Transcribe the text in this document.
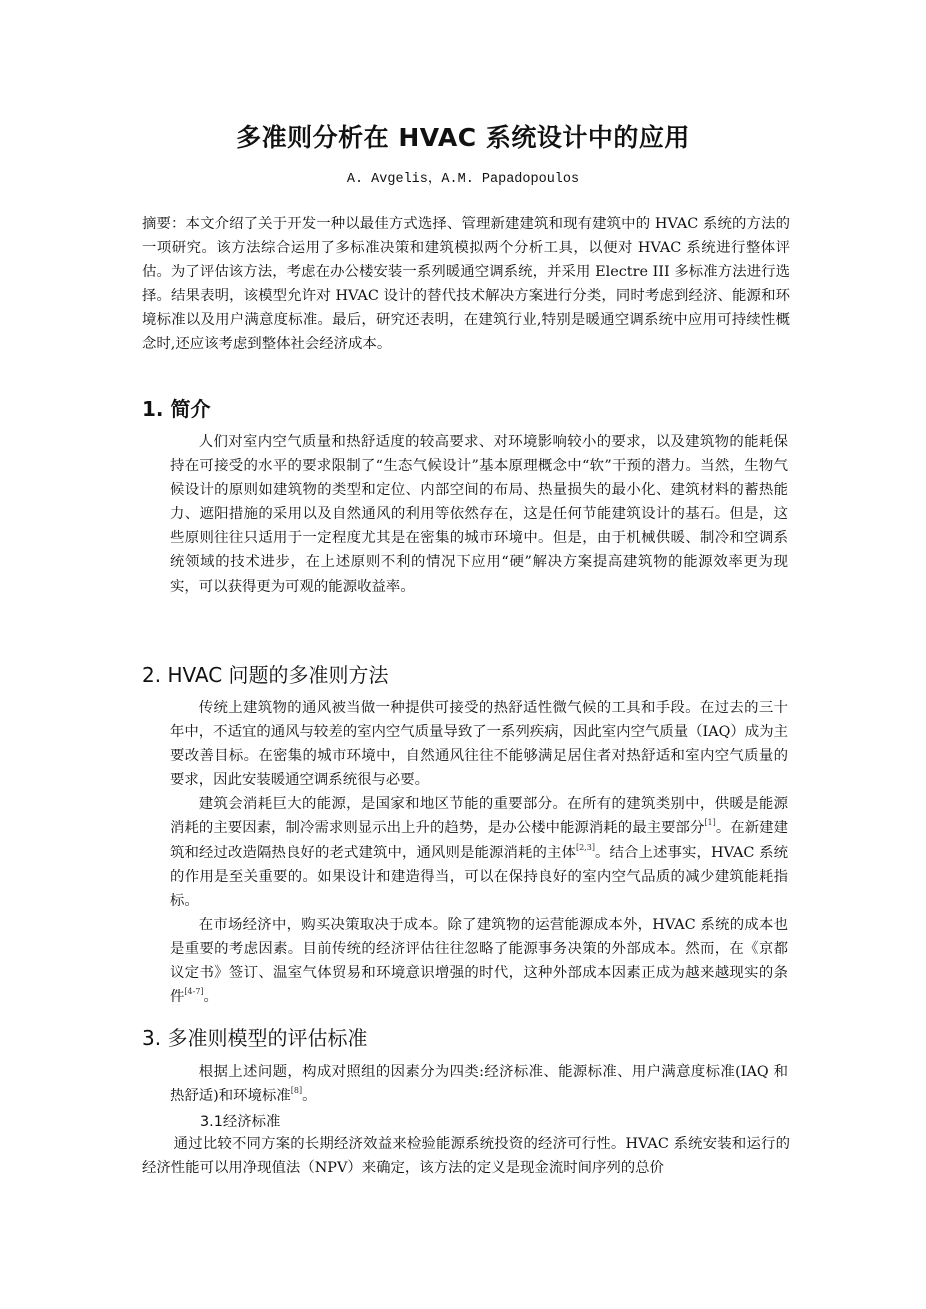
多准则分析在 HVAC 系统设计中的应用
A. Avgelis，A.M. Papadopoulos
摘要：本文介绍了关于开发一种以最佳方式选择、管理新建建筑和现有建筑中的 HVAC 系统的方法的一项研究。该方法综合运用了多标准决策和建筑模拟两个分析工具，以便对 HVAC 系统进行整体评估。为了评估该方法，考虑在办公楼安装一系列暖通空调系统，并采用 Electre III 多标准方法进行选择。结果表明，该模型允许对 HVAC 设计的替代技术解决方案进行分类，同时考虑到经济、能源和环境标准以及用户满意度标准。最后，研究还表明，在建筑行业,特别是暖通空调系统中应用可持续性概念时,还应该考虑到整体社会经济成本。
1. 简介

人们对室内空气质量和热舒适度的较高要求、对环境影响较小的要求，以及建筑物的能耗保持在可接受的水平的要求限制了“生态气候设计”基本原理概念中“软”干预的潜力。当然，生物气候设计的原则如建筑物的类型和定位、内部空间的布局、热量损失的最小化、建筑材料的蓄热能力、遮阳措施的采用以及自然通风的利用等依然存在，这是任何节能建筑设计的基石。但是，这些原则往往只适用于一定程度尤其是在密集的城市环境中。但是，由于机械供暖、制冷和空调系统领域的技术进步，在上述原则不利的情况下应用“硬”解决方案提高建筑物的能源效率更为现实，可以获得更为可观的能源收益率。

2. HVAC 问题的多准则方法

传统上建筑物的通风被当做一种提供可接受的热舒适性微气候的工具和手段。在过去的三十年中，不适宜的通风与较差的室内空气质量导致了一系列疾病，因此室内空气质量（IAQ）成为主要改善目标。在密集的城市环境中，自然通风往往不能够满足居住者对热舒适和室内空气质量的要求，因此安装暖通空调系统很与必要。

建筑会消耗巨大的能源，是国家和地区节能的重要部分。在所有的建筑类别中，供暖是能源消耗的主要因素，制冷需求则显示出上升的趋势，是办公楼中能源消耗的最主要部分[1]。在新建建筑和经过改造隔热良好的老式建筑中，通风则是能源消耗的主体[2,3]。结合上述事实，HVAC 系统的作用是至关重要的。如果设计和建造得当，可以在保持良好的室内空气品质的减少建筑能耗指标。

在市场经济中，购买决策取决于成本。除了建筑物的运营能源成本外，HVAC 系统的成本也是重要的考虑因素。目前传统的经济评估往往忽略了能源事务决策的外部成本。然而，在《京都议定书》签订、温室气体贸易和环境意识增强的时代，这种外部成本因素正成为越来越现实的条件[4-7]。

3. 多准则模型的评估标准

根据上述问题，构成对照组的因素分为四类:经济标准、能源标准、用户满意度标准(IAQ 和热舒适)和环境标准[8]。

3.1经济标准

通过比较不同方案的长期经济效益来检验能源系统投资的经济可行性。HVAC 系统安装和运行的经济性能可以用净现值法（NPV）来确定，该方法的定义是现金流时间序列的总价
